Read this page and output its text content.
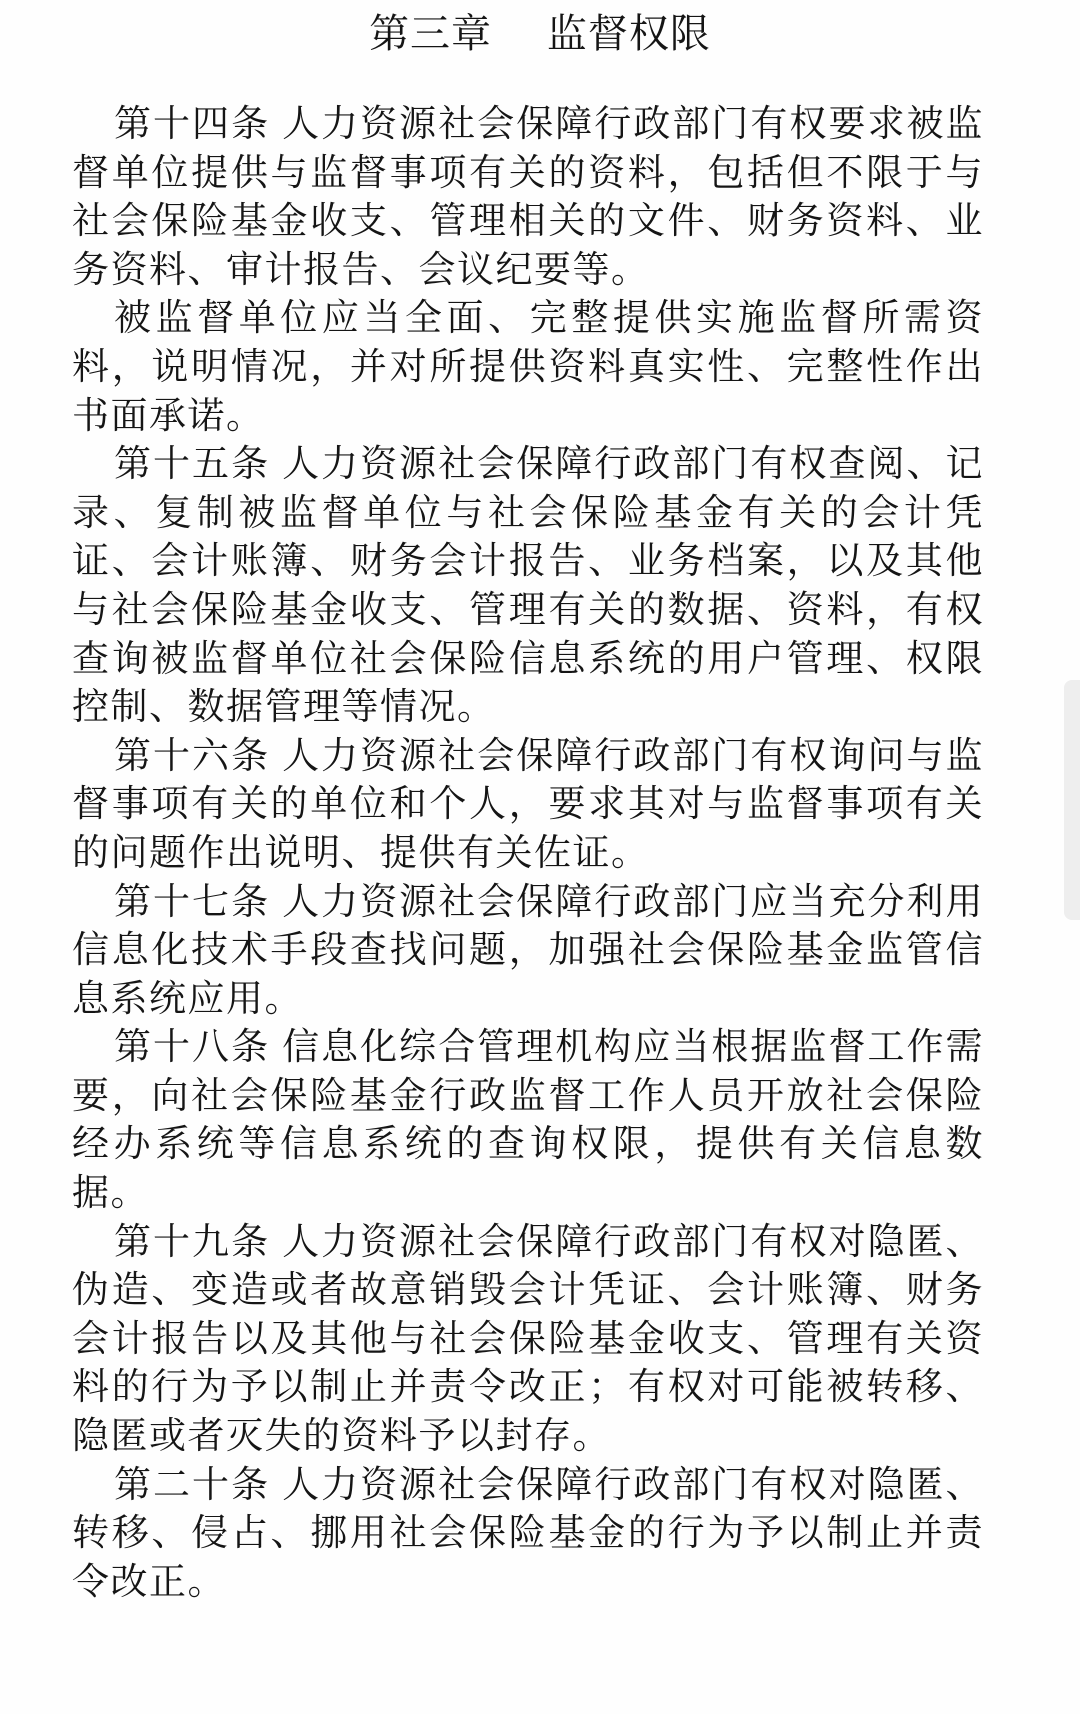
第三章    监督权限

第十四条 人力资源社会保障行政部门有权要求被监督单位提供与监督事项有关的资料，包括但不限于与社会保险基金收支、管理相关的文件、财务资料、业务资料、审计报告、会议纪要等。

被监督单位应当全面、完整提供实施监督所需资料，说明情况，并对所提供资料真实性、完整性作出书面承诺。

第十五条 人力资源社会保障行政部门有权查阅、记录、复制被监督单位与社会保险基金有关的会计凭证、会计账簿、财务会计报告、业务档案，以及其他与社会保险基金收支、管理有关的数据、资料，有权查询被监督单位社会保险信息系统的用户管理、权限控制、数据管理等情况。

第十六条 人力资源社会保障行政部门有权询问与监督事项有关的单位和个人，要求其对与监督事项有关的问题作出说明、提供有关佐证。

第十七条 人力资源社会保障行政部门应当充分利用信息化技术手段查找问题，加强社会保险基金监管信息系统应用。

第十八条 信息化综合管理机构应当根据监督工作需要，向社会保险基金行政监督工作人员开放社会保险经办系统等信息系统的查询权限，提供有关信息数据。

第十九条 人力资源社会保障行政部门有权对隐匿、伪造、变造或者故意销毁会计凭证、会计账簿、财务会计报告以及其他与社会保险基金收支、管理有关资料的行为予以制止并责令改正；有权对可能被转移、隐匿或者灭失的资料予以封存。

第二十条 人力资源社会保障行政部门有权对隐匿、转移、侵占、挪用社会保险基金的行为予以制止并责令改正。
